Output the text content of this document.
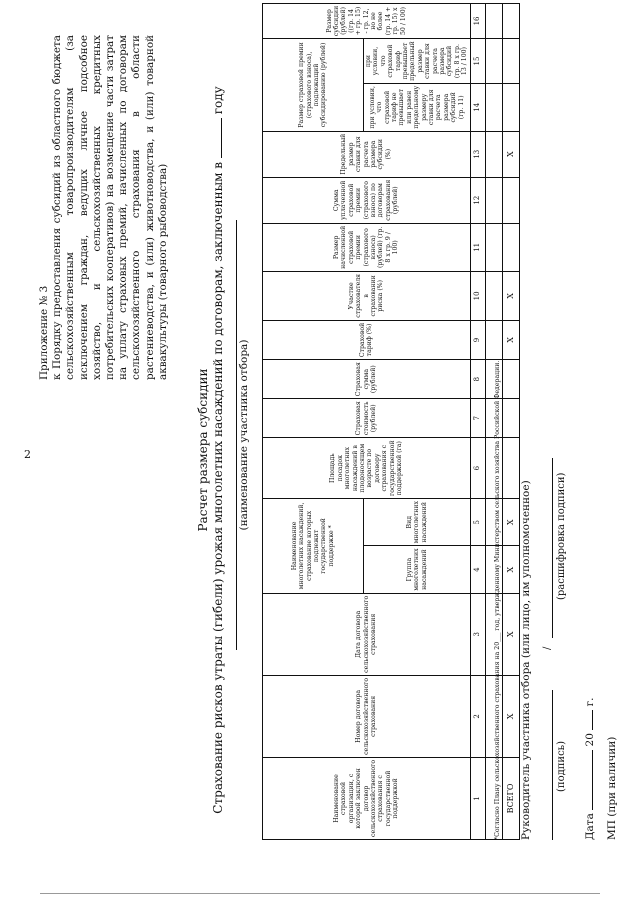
2
Приложение № 3 к Порядку предоставления субсидий из областного бюджета сельскохозяйственным товаропроизводителям (за исключением граждан, ведущих личное подсобное хозяйство, и сельскохозяйственных кредитных потребительских кооперативов) на возмещение части затрат на уплату страховых премий, начисленных по договорам сельскохозяйственного страхования в области растениеводства, и (или) животноводства, и (или) товарной аквакультуры (товарного рыбоводства)
Расчет размера субсидии Страхование рисков утраты (гибели) урожая многолетних насаждений по договорам, заключенным в  году
(наименование участника отбора)
Наименование страховой организации, с которой заключен договор сельскохозяйственного страхования с государственной поддержкой	Номер договора сельскохозяйственного страхования	Дата договора сельскохозяйственного страхования	Наименование многолетних насаждений, страхование которых подлежит государственной поддержке *		Площадь посадок многолетних насаждений в плодоносящем возрасте по договору страхования с государственной поддержкой (га)	Страховая стоимость (рублей)	Страховая сумма (рублей)	Страховой тариф (%)	Участие страхователя в страховании риска (%)	Размер начисленной страховой премии (страхового взноса) (рублей) (гр. 8 х гр. 9 / 100)	Сумма уплаченной страховой премии (страхового взноса) по договорам страхования (рублей)	Предельный размер ставки для расчета размера субсидии (%)	Размер страховой премии (страхового взноса), подлежащий субсидированию (рублей)		Размер субсидии (рублей) ((гр. 14 + гр. 15) - гр. 12, но не более (гр. 14 + гр. 15) х 50 / 100)
			Группа многолетних насаждений	Вид многолетних насаждений									при условии, что страховой тариф не превышает или равен предельному размеру ставки для расчета размера субсидий (гр. 11)	при условии, что страховой тариф превышает предельный размер ставки для расчета размера субсидий (гр. 8 х гр. 13 / 100)	
1	2	3	4	5	6	7	8	9	10	11	12	13	14	15	16

ВСЕГО	Х	Х	Х	Х				Х	Х			Х			
*Согласно Плану сельскохозяйственного страхования на 20___ год, утвержденному Министерством сельского хозяйства Российской Федерации. Руководитель участника отбора (или лицо, им уполномоченное) /
(подпись)
(расшифровка подписи)
Дата  20  г.
МП (при наличии)
